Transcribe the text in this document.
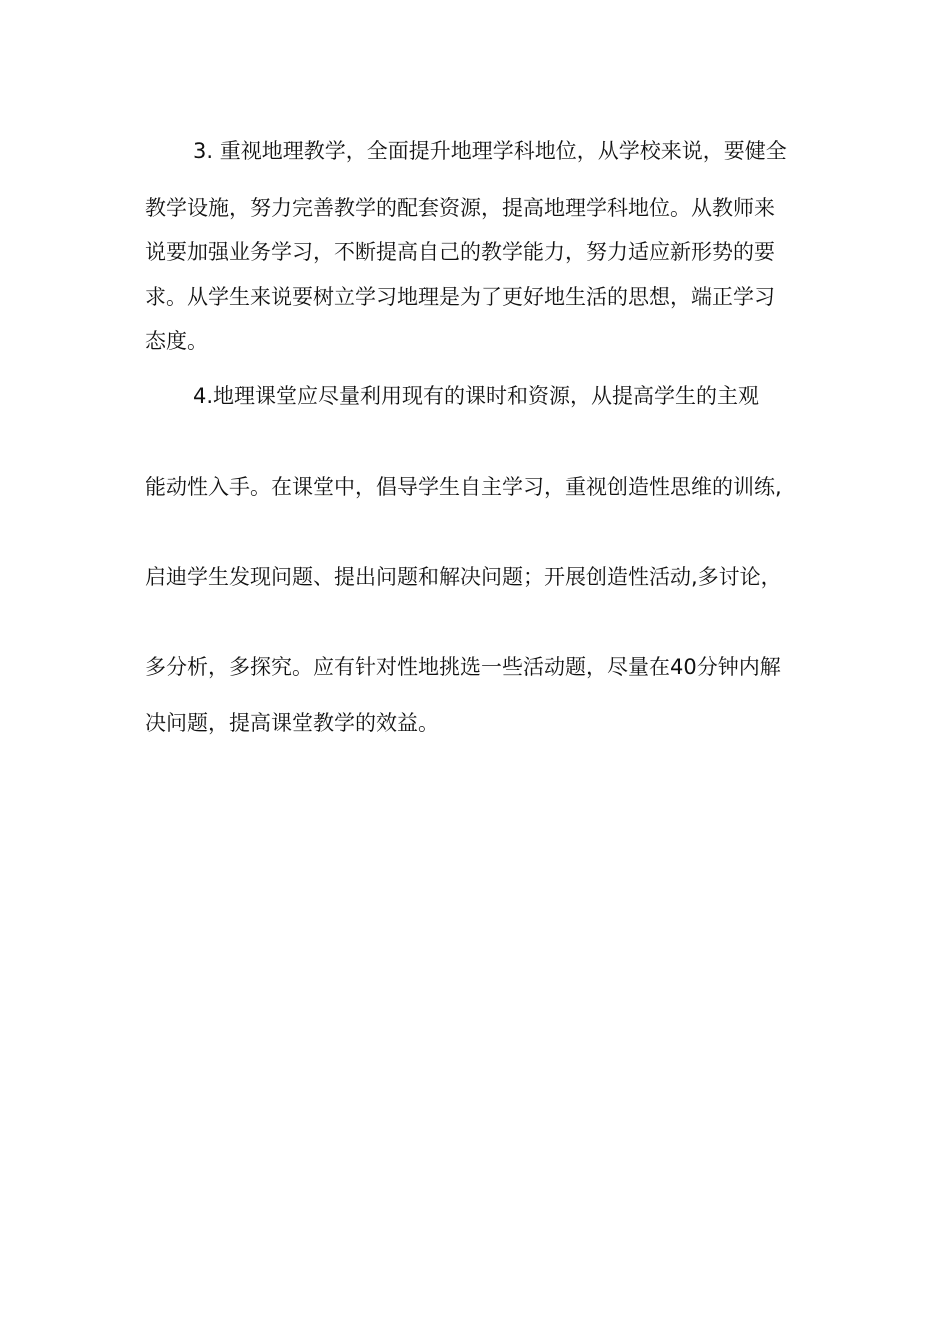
3. 重视地理教学，全面提升地理学科地位，从学校来说，要健全
教学设施，努力完善教学的配套资源，提高地理学科地位。从教师来
说要加强业务学习，不断提高自己的教学能力，努力适应新形势的要
求。从学生来说要树立学习地理是为了更好地生活的思想，端正学习
态度。
4.地理课堂应尽量利用现有的课时和资源，从提高学生的主观
能动性入手。在课堂中，倡导学生自主学习，重视创造性思维的训练,
启迪学生发现问题、提出问题和解决问题；开展创造性活动,多讨论，
多分析，多探究。应有针对性地挑选一些活动题，尽量在40分钟内解
决问题，提高课堂教学的效益。
